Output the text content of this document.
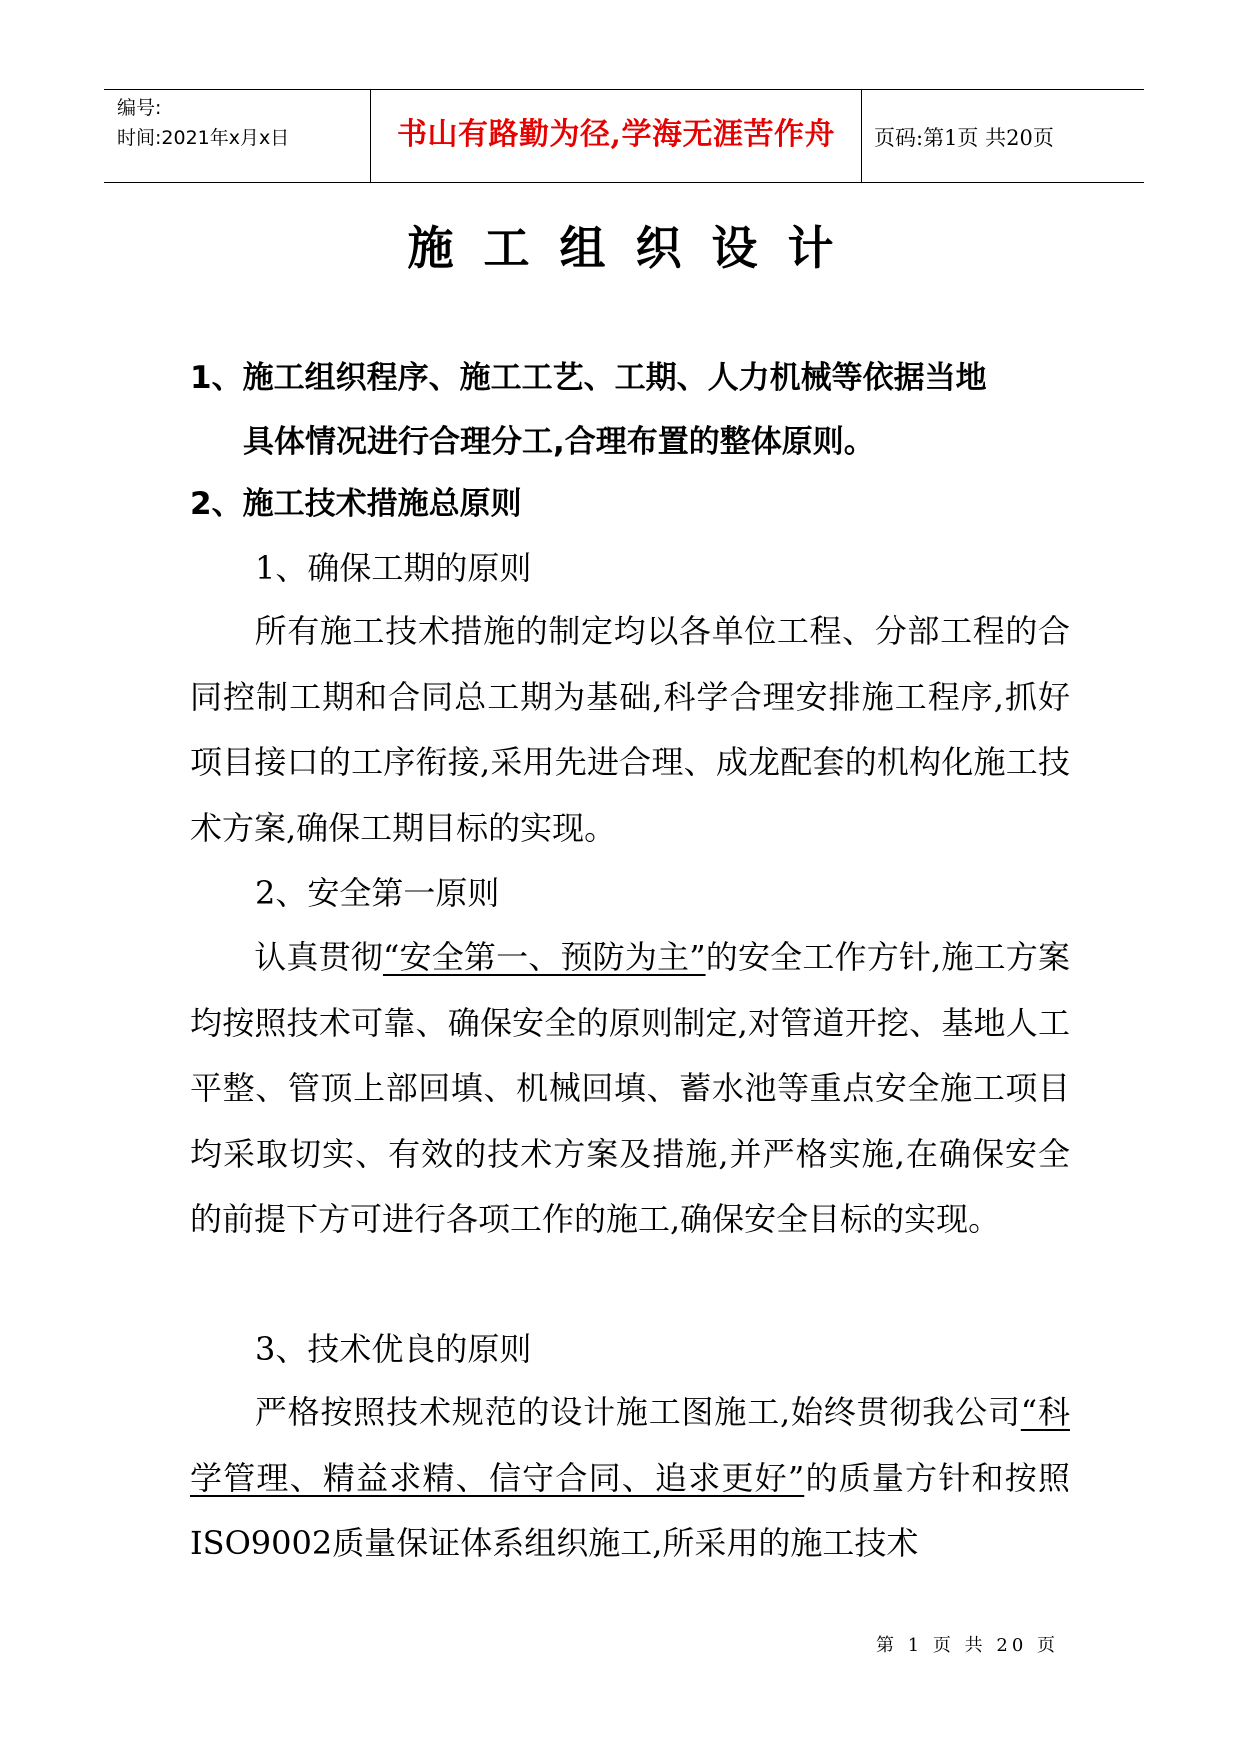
编号:
时间:2021年x月x日	书山有路勤为径,学海无涯苦作舟	页码:第1页 共20页
施工组织设计
1、施工组织程序、施工工艺、工期、人力机械等依据当地
具体情况进行合理分工,合理布置的整体原则。
2、施工技术措施总原则
1、确保工期的原则
所有施工技术措施的制定均以各单位工程、分部工程的合同控制工期和合同总工期为基础,科学合理安排施工程序,抓好项目接口的工序衔接,采用先进合理、成龙配套的机构化施工技术方案,确保工期目标的实现。
2、安全第一原则
认真贯彻“安全第一、预防为主”的安全工作方针,施工方案均按照技术可靠、确保安全的原则制定,对管道开挖、基地人工平整、管顶上部回填、机械回填、蓄水池等重点安全施工项目均采取切实、有效的技术方案及措施,并严格实施,在确保安全的前提下方可进行各项工作的施工,确保安全目标的实现。
3、技术优良的原则
严格按照技术规范的设计施工图施工,始终贯彻我公司“科学管理、精益求精、信守合同、追求更好”的质量方针和按照ISO9002质量保证体系组织施工,所采用的施工技术
第 1 页 共 20 页
